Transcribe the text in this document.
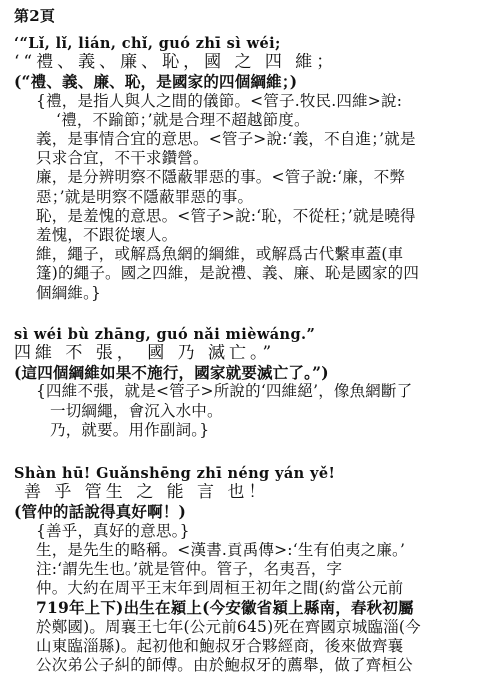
第2頁
‘“Lǐ, lǐ, lián, chǐ, guó zhī sì wéi;
‘“禮、義、廉、恥，國 之 四 維；
(“禮、義、廉、恥，是國家的四個綱維；)
{禮，是指人與人之間的儀節。<管子.牧民.四維>說:
‘禮，不踰節；’就是合理不超越節度。
義，是事情合宜的意思。<管子>說:‘義，不自進；’就是
只求合宜，不干求鑽營。
廉，是分辨明察不隱蔽罪惡的事。<管子說:‘廉，不弊
惡；’就是明察不隱蔽罪惡的事。
恥，是羞愧的意思。<管子>說:‘恥，不從枉；’就是曉得
羞愧，不跟從壞人。
維，繩子，或解爲魚網的綱維，或解爲古代繫車蓋(車
篷)的繩子。國之四維，是說禮、義、廉、恥是國家的四
個綱維。}
sì wéi bù zhāng, guó nǎi mièwáng.”
四維 不 張， 國 乃 滅亡。”
(這四個綱維如果不施行，國家就要滅亡了。”)
{四維不張，就是<管子>所說的‘四維絕’，像魚網斷了
一切綱繩，會沉入水中。
乃，就要。用作副詞。}
Shàn hū! Guǎnshēng zhī néng yán yě!
善 乎 管生 之 能 言 也！
(管仲的話說得真好啊！)
{善乎，真好的意思。}
生，是先生的略稱。<漢書.貢禹傳>:‘生有伯夷之廉。’
注:‘謂先生也。’就是管仲。管子，名夷吾，字
仲。大約在周平王末年到周桓王初年之間(約當公元前
719年上下)出生在潁上(今安徽省潁上縣南，春秋初屬
於鄭國)。周襄王七年(公元前645)死在齊國京城臨淄(今
山東臨淄縣)。起初他和鮑叔牙合夥經商，後來做齊襄
公次弟公子糾的師傅。由於鮑叔牙的薦舉，做了齊桓公
